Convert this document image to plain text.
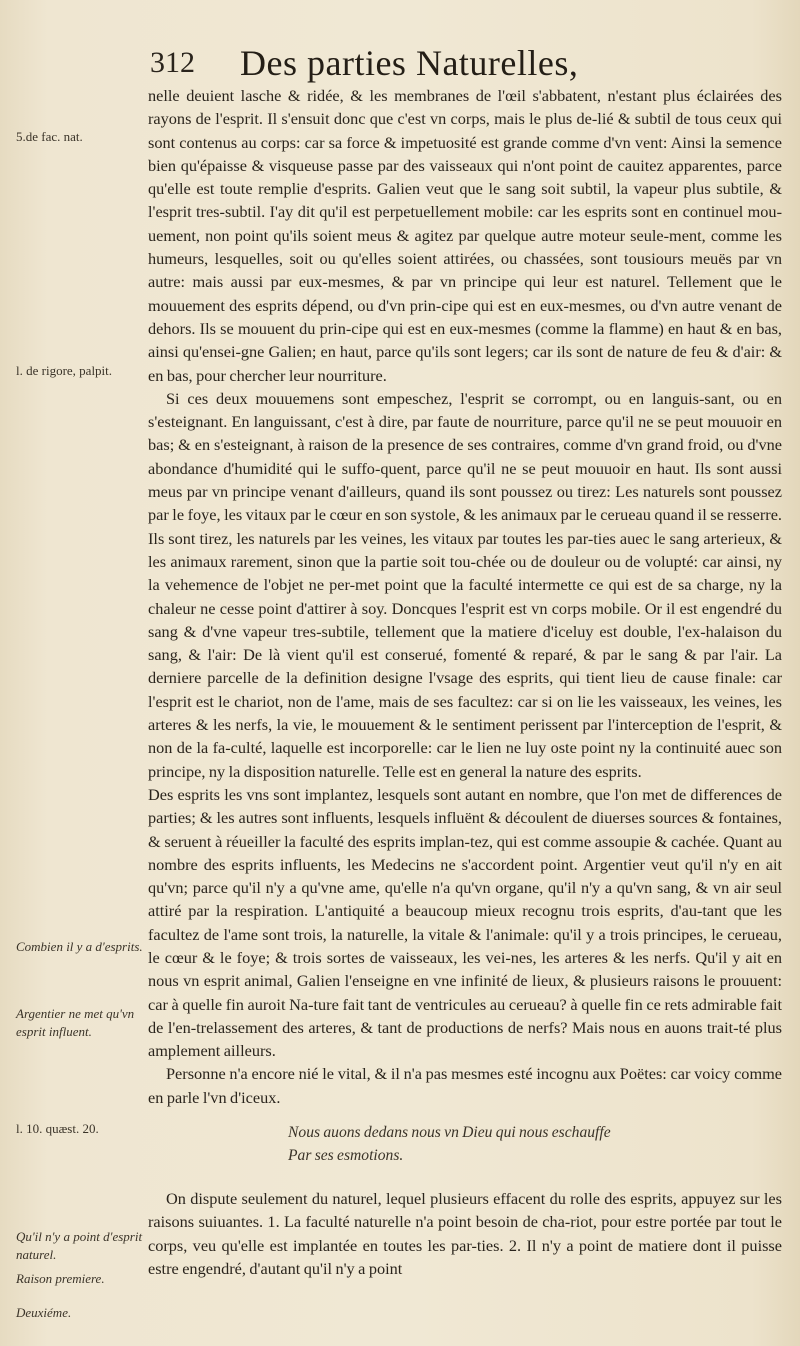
312 Des parties Naturelles,
5.de fac. nat.
l. de rigore, palpit.
Combien il y a d'esprits.
Argentier ne met qu'vn esprit influent.
l. 10. quæst. 20.
Qu'il n'y a point d'esprit naturel.
Raison premiere.
Deuxiéme.

nelle deuient lasche & ridée, & les membranes de l'œil s'abbatent, n'estant plus éclairées des rayons de l'esprit. Il s'ensuit donc que c'est vn corps, mais le plus de-lié & subtil de tous ceux qui sont contenus au corps: car sa force & impetuosité est grande comme d'vn vent: Ainsi la semence bien qu'épaisse & visqueuse passe par des vaisseaux qui n'ont point de cauitez apparentes, parce qu'elle est toute remplie d'esprits. Galien veut que le sang soit subtil, la vapeur plus subtile, & l'esprit tres-subtil. I'ay dit qu'il est perpetuellement mobile: car les esprits sont en continuel mou-uement, non point qu'ils soient meus & agitez par quelque autre moteur seule-ment, comme les humeurs, lesquelles, soit ou qu'elles soient attirées, ou chassées, sont tousiours meuës par vn autre: mais aussi par eux-mesmes, & par vn principe qui leur est naturel. Tellement que le mouuement des esprits dépend, ou d'vn prin-cipe qui est en eux-mesmes, ou d'vn autre venant de dehors. Ils se mouuent du prin-cipe qui est en eux-mesmes (comme la flamme) en haut & en bas, ainsi qu'ensei-gne Galien; en haut, parce qu'ils sont legers; car ils sont de nature de feu & d'air: & en bas, pour chercher leur nourriture.

Si ces deux mouuemens sont empeschez, l'esprit se corrompt, ou en languis-sant, ou en s'esteignant. En languissant, c'est à dire, par faute de nourriture, parce qu'il ne se peut mouuoir en bas; & en s'esteignant, à raison de la presence de ses contraires, comme d'vn grand froid, ou d'vne abondance d'humidité qui le suffo-quent, parce qu'il ne se peut mouuoir en haut. Ils sont aussi meus par vn principe venant d'ailleurs, quand ils sont poussez ou tirez: Les naturels sont poussez par le foye, les vitaux par le cœur en son systole, & les animaux par le cerueau quand il se resserre. Ils sont tirez, les naturels par les veines, les vitaux par toutes les par-ties auec le sang arterieux, & les animaux rarement, sinon que la partie soit tou-chée ou de douleur ou de volupté: car ainsi, ny la vehemence de l'objet ne per-met point que la faculté intermette ce qui est de sa charge, ny la chaleur ne cesse point d'attirer à soy. Doncques l'esprit est vn corps mobile. Or il est engendré du sang & d'vne vapeur tres-subtile, tellement que la matiere d'iceluy est double, l'ex-halaison du sang, & l'air: De là vient qu'il est conserué, fomenté & reparé, & par le sang & par l'air. La derniere parcelle de la definition designe l'vsage des esprits, qui tient lieu de cause finale: car l'esprit est le chariot, non de l'ame, mais de ses facultez: car si on lie les vaisseaux, les veines, les arteres & les nerfs, la vie, le mouuement & le sentiment perissent par l'interception de l'esprit, & non de la fa-culté, laquelle est incorporelle: car le lien ne luy oste point ny la continuité auec son principe, ny la disposition naturelle. Telle est en general la nature des esprits.

Des esprits les vns sont implantez, lesquels sont autant en nombre, que l'on met de differences de parties; & les autres sont influents, lesquels influënt & découlent de diuerses sources & fontaines, & seruent à réueiller la faculté des esprits implan-tez, qui est comme assoupie & cachée. Quant au nombre des esprits influents, les Medecins ne s'accordent point. Argentier veut qu'il n'y en ait qu'vn; parce qu'il n'y a qu'vne ame, qu'elle n'a qu'vn organe, qu'il n'y a qu'vn sang, & vn air seul attiré par la respiration. L'antiquité a beaucoup mieux recognu trois esprits, d'au-tant que les facultez de l'ame sont trois, la naturelle, la vitale & l'animale: qu'il y a trois principes, le cerueau, le cœur & le foye; & trois sortes de vaisseaux, les vei-nes, les arteres & les nerfs. Qu'il y ait en nous vn esprit animal, Galien l'enseigne en vne infinité de lieux, & plusieurs raisons le prouuent: car à quelle fin auroit Na-ture fait tant de ventricules au cerueau? à quelle fin ce rets admirable fait de l'en-trelassement des arteres, & tant de productions de nerfs? Mais nous en auons trait-té plus amplement ailleurs.

Personne n'a encore nié le vital, & il n'a pas mesmes esté incognu aux Poëtes: car voicy comme en parle l'vn d'iceux.

Nous auons dedans nous vn Dieu qui nous eschauffe
Par ses esmotions.

On dispute seulement du naturel, lequel plusieurs effacent du rolle des esprits, appuyez sur les raisons suiuantes. 1. La faculté naturelle n'a point besoin de cha-riot, pour estre portée par tout le corps, veu qu'elle est implantée en toutes les par-ties. 2. Il n'y a point de matiere dont il puisse estre engendré, d'autant qu'il n'y a point
